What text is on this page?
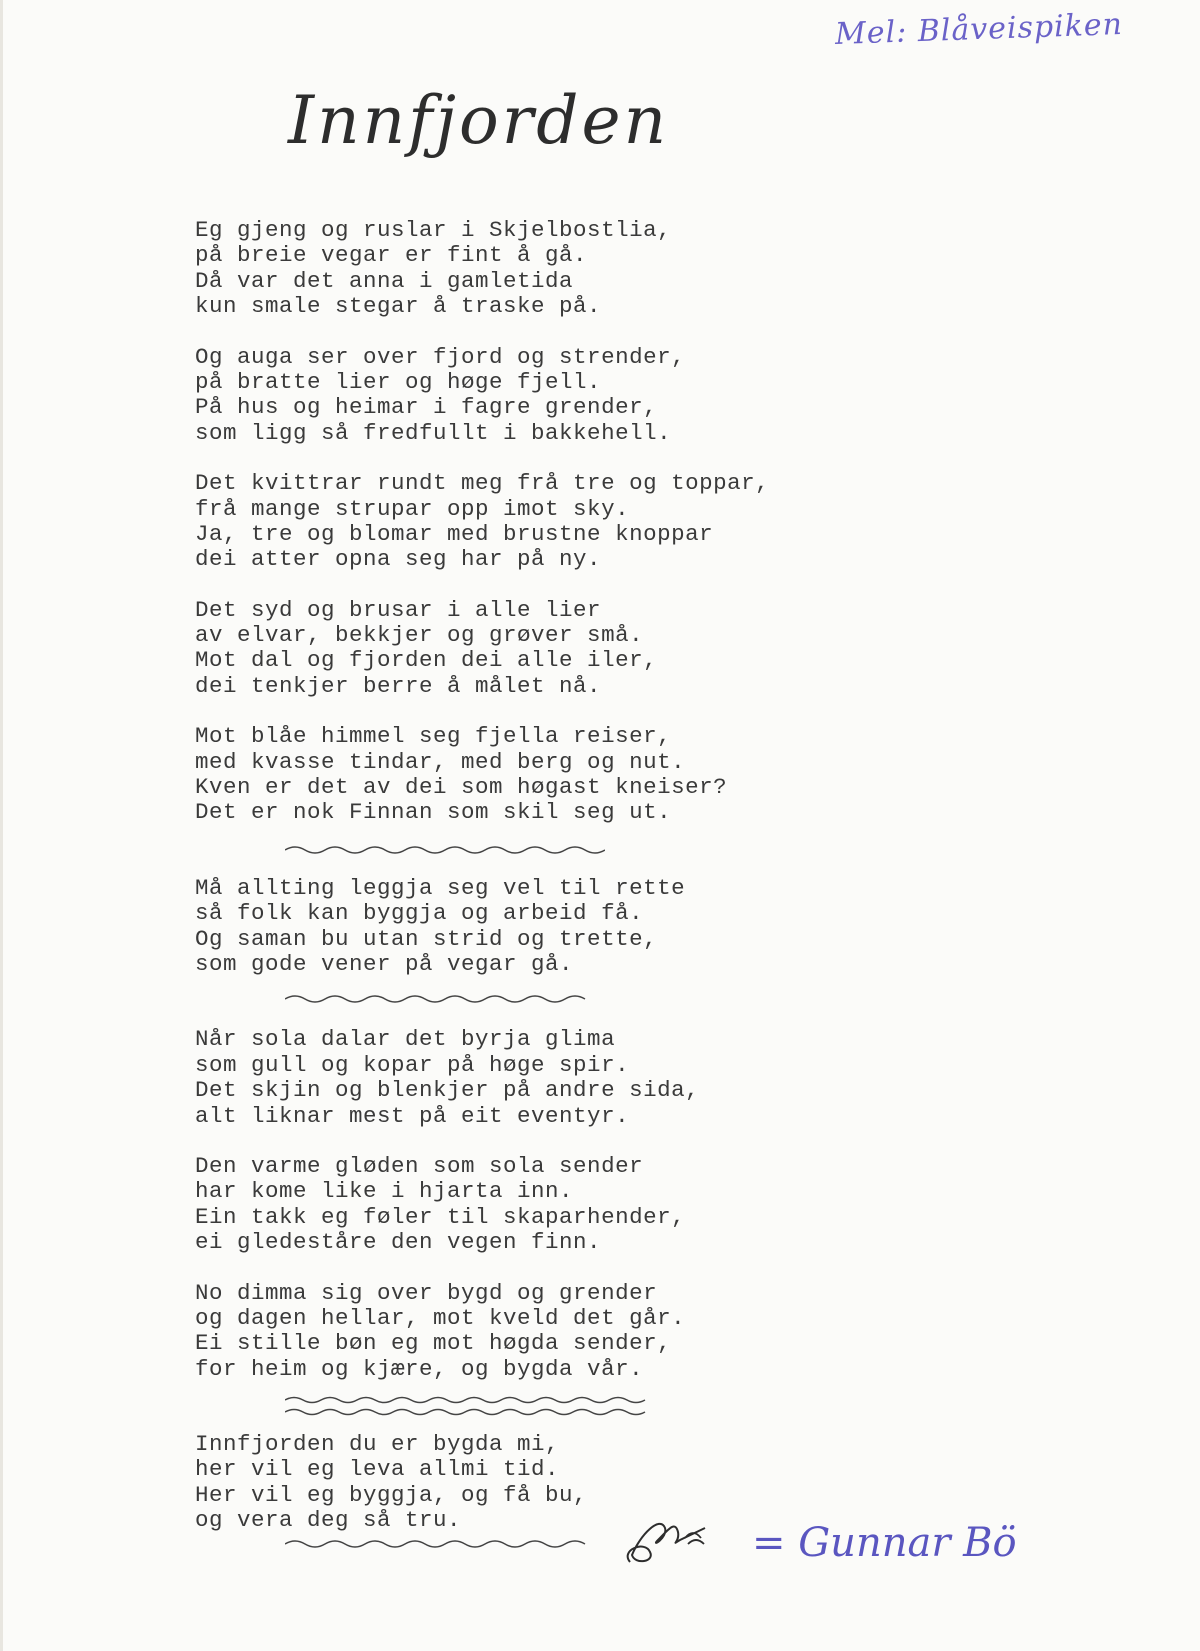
Mel: Blåveispiken
Innfjorden
Eg gjeng og ruslar i Skjelbostlia,
på breie vegar er fint å gå.
Då var det anna i gamletida
kun smale stegar å traske på.
Og auga ser over fjord og strender,
på bratte lier og høge fjell.
På hus og heimar i fagre grender,
som ligg så fredfullt i bakkehell.
Det kvittrar rundt meg frå tre og toppar,
frå mange strupar opp imot sky.
Ja, tre og blomar med brustne knoppar
dei atter opna seg har på ny.
Det syd og brusar i alle lier
av elvar, bekkjer og grøver små.
Mot dal og fjorden dei alle iler,
dei tenkjer berre å målet nå.
Mot blåe himmel seg fjella reiser,
med kvasse tindar, med berg og nut.
Kven er det av dei som høgast kneiser?
Det er nok Finnan som skil seg ut.
Må allting leggja seg vel til rette
så folk kan byggja og arbeid få.
Og saman bu utan strid og trette,
som gode vener på vegar gå.
Når sola dalar det byrja glima
som gull og kopar på høge spir.
Det skjin og blenkjer på andre sida,
alt liknar mest på eit eventyr.
Den varme gløden som sola sender
har kome like i hjarta inn.
Ein takk eg føler til skaparhender,
ei gledeståre den vegen finn.
No dimma sig over bygd og grender
og dagen hellar, mot kveld det går.
Ei stille bøn eg mot høgda sender,
for heim og kjære, og bygda vår.
Innfjorden du er bygda mi,
her vil eg leva allmi tid.
Her vil eg byggja, og få bu,
og vera deg så tru.	= Gunnar Bö
